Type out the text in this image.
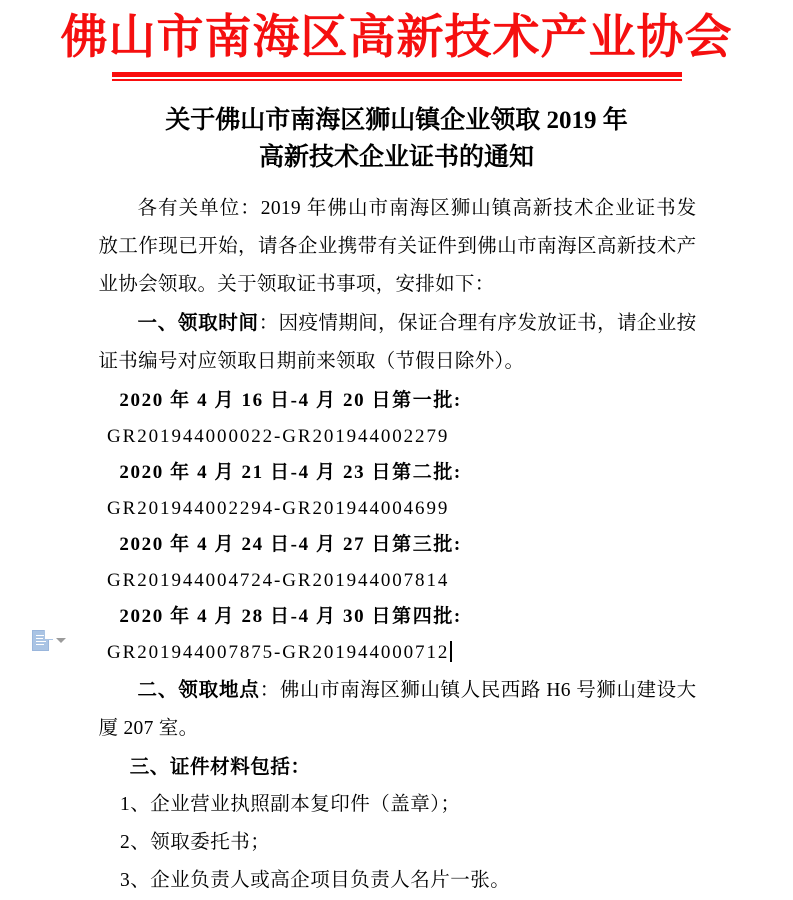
佛山市南海区高新技术产业协会
关于佛山市南海区狮山镇企业领取 2019 年
高新技术企业证书的通知

各有关单位：2019 年佛山市南海区狮山镇高新技术企业证书发放工作现已开始，请各企业携带有关证件到佛山市南海区高新技术产业协会领取。关于领取证书事项，安排如下：

一、领取时间：因疫情期间，保证合理有序发放证书，请企业按证书编号对应领取日期前来领取（节假日除外）。

2020 年 4 月 16 日-4 月 20 日第一批:

GR201944000022-GR201944002279

2020 年 4 月 21 日-4 月 23 日第二批:

GR201944002294-GR201944004699

2020 年 4 月 24 日-4 月 27 日第三批:

GR201944004724-GR201944007814

2020 年 4 月 28 日-4 月 30 日第四批:

GR201944007875-GR201944000712

二、领取地点：佛山市南海区狮山镇人民西路 H6 号狮山建设大厦 207 室。

三、证件材料包括：

1、企业营业执照副本复印件（盖章）；

2、领取委托书；

3、企业负责人或高企项目负责人名片一张。
